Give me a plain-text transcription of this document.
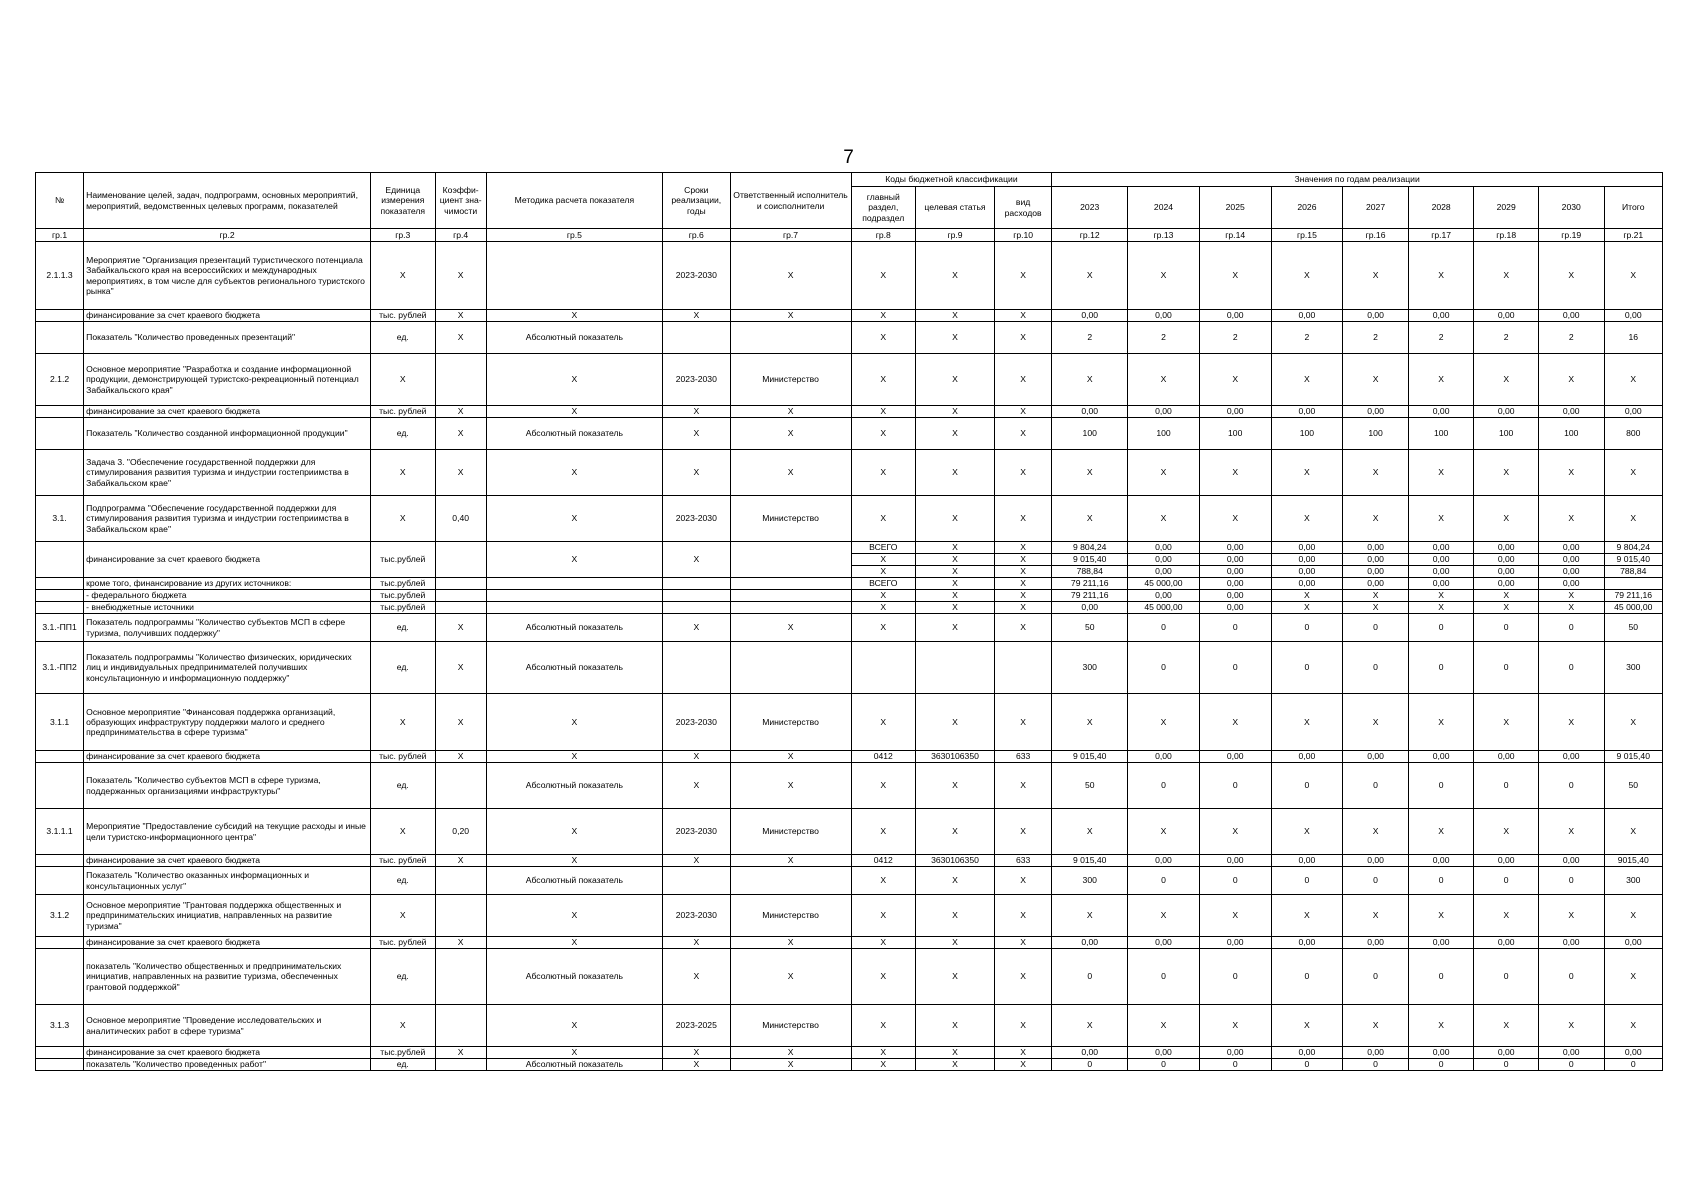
7
№	Наименование целей, задач, подпрограмм, основных мероприятий, мероприятий, ведомственных целевых программ, показателей	Единица измерения показателя	Коэффи-циент зна-чимости	Методика расчета показателя	Сроки реализации, годы	Ответственный исполнитель и соисполнители	Коды бюджетной классификации			Значения по годам реализации								
							главный раздел, подраздел	целевая статья	вид расходов	2023	2024	2025	2026	2027	2028	2029	2030	Итого
гр.1	гр.2	гр.3	гр.4	гр.5	гр.6	гр.7	гр.8	гр.9	гр.10	гр.12	гр.13	гр.14	гр.15	гр.16	гр.17	гр.18	гр.19	гр.21
2.1.1.3	Мероприятие "Организация презентаций туристического потенциала Забайкальского края на всероссийских и международных мероприятиях, в том числе для субъектов регионального туристского рынка"	X	X		2023-2030	X	X	X	X	X	X	X	X	X	X	X	X	X
	финансирование за счет краевого бюджета	тыс. рублей	X	X	X	X	X	X	X	0,00	0,00	0,00	0,00	0,00	0,00	0,00	0,00	0,00
	Показатель "Количество проведенных презентаций"	ед.	X	Абсолютный показатель			X	X	X	2	2	2	2	2	2	2	2	16
2.1.2	Основное мероприятие "Разработка и создание информационной продукции, демонстрирующей туристско-рекреационный потенциал Забайкальского края"	X		X	2023-2030	Министерство	X	X	X	X	X	X	X	X	X	X	X	X
	финансирование за счет краевого бюджета	тыс. рублей	X	X	X	X	X	X	X	0,00	0,00	0,00	0,00	0,00	0,00	0,00	0,00	0,00
	Показатель "Количество созданной информационной продукции"	ед.	X	Абсолютный показатель	X	X	X	X	X	100	100	100	100	100	100	100	100	800
	Задача 3. "Обеспечение государственной поддержки для стимулирования развития туризма и индустрии гостеприимства в Забайкальском крае"	X	X	X	X	X	X	X	X	X	X	X	X	X	X	X	X	X
3.1.	Подпрограмма "Обеспечение государственной поддержки для стимулирования развития туризма и индустрии гостеприимства в Забайкальском крае"	X	0,40	X	2023-2030	Министерство	X	X	X	X	X	X	X	X	X	X	X	X
	финансирование за счет краевого бюджета	тыс.рублей		X	X		ВСЕГО	X	X	9 804,24	0,00	0,00	0,00	0,00	0,00	0,00	0,00	9 804,24
							X	X	X	9 015,40	0,00	0,00	0,00	0,00	0,00	0,00	0,00	9 015,40
							X	X	X	788,84	0,00	0,00	0,00	0,00	0,00	0,00	0,00	788,84
	кроме того, финансирование из других источников:	тыс.рублей					ВСЕГО	X	X	79 211,16	45 000,00	0,00	0,00	0,00	0,00	0,00	0,00	
	- федерального бюджета	тыс.рублей					X	X	X	79 211,16	0,00	0,00	X	X	X	X	X	79 211,16
	- внебюджетные источники	тыс.рублей					X	X	X	0,00	45 000,00	0,00	X	X	X	X	X	45 000,00
3.1.-ПП1	Показатель подпрограммы "Количество субъектов МСП в сфере туризма, получивших поддержку"	ед.	X	Абсолютный показатель	X	X	X	X	X	50	0	0	0	0	0	0	0	50
3.1.-ПП2	Показатель подпрограммы "Количество физических, юридических лиц и индивидуальных предпринимателей получивших консультационную и информационную поддержку"	ед.	X	Абсолютный показатель						300	0	0	0	0	0	0	0	300
3.1.1	Основное мероприятие "Финансовая поддержка организаций, образующих инфраструктуру поддержки малого и среднего предпринимательства в сфере туризма"	X	X	X	2023-2030	Министерство	X	X	X	X	X	X	X	X	X	X	X	X
	финансирование за счет краевого бюджета	тыс. рублей	X	X	X	X	0412	3630106350	633	9 015,40	0,00	0,00	0,00	0,00	0,00	0,00	0,00	9 015,40
	Показатель "Количество субъектов МСП в сфере туризма, поддержанных организациями инфраструктуры"	ед.		Абсолютный показатель	X	X	X	X	X	50	0	0	0	0	0	0	0	50
3.1.1.1	Мероприятие "Предоставление субсидий на текущие расходы и иные цели туристско-информационного центра"	X	0,20	X	2023-2030	Министерство	X	X	X	X	X	X	X	X	X	X	X	X
	финансирование за счет краевого бюджета	тыс. рублей	X	X	X	X	0412	3630106350	633	9 015,40	0,00	0,00	0,00	0,00	0,00	0,00	0,00	9015,40
	Показатель "Количество оказанных информационных и консультационных услуг"	ед.		Абсолютный показатель			X	X	X	300	0	0	0	0	0	0	0	300
3.1.2	Основное мероприятие "Грантовая поддержка общественных и предпринимательских инициатив, направленных на развитие туризма"	X		X	2023-2030	Министерство	X	X	X	X	X	X	X	X	X	X	X	X
	финансирование за счет краевого бюджета	тыс. рублей	X	X	X	X	X	X	X	0,00	0,00	0,00	0,00	0,00	0,00	0,00	0,00	0,00
	показатель "Количество общественных и предпринимательских инициатив, направленных на развитие туризма, обеспеченных грантовой поддержкой"	ед.		Абсолютный показатель	X	X	X	X	X	0	0	0	0	0	0	0	0	X
3.1.3	Основное мероприятие "Проведение исследовательских и аналитических работ в сфере туризма"	X		X	2023-2025	Министерство	X	X	X	X	X	X	X	X	X	X	X	X
	финансирование за счет краевого бюджета	тыс.рублей	X	X	X	X	X	X	X	0,00	0,00	0,00	0,00	0,00	0,00	0,00	0,00	0,00
	показатель "Количество проведенных работ"	ед.		Абсолютный показатель	X	X	X	X	X	0	0	0	0	0	0	0	0	0
